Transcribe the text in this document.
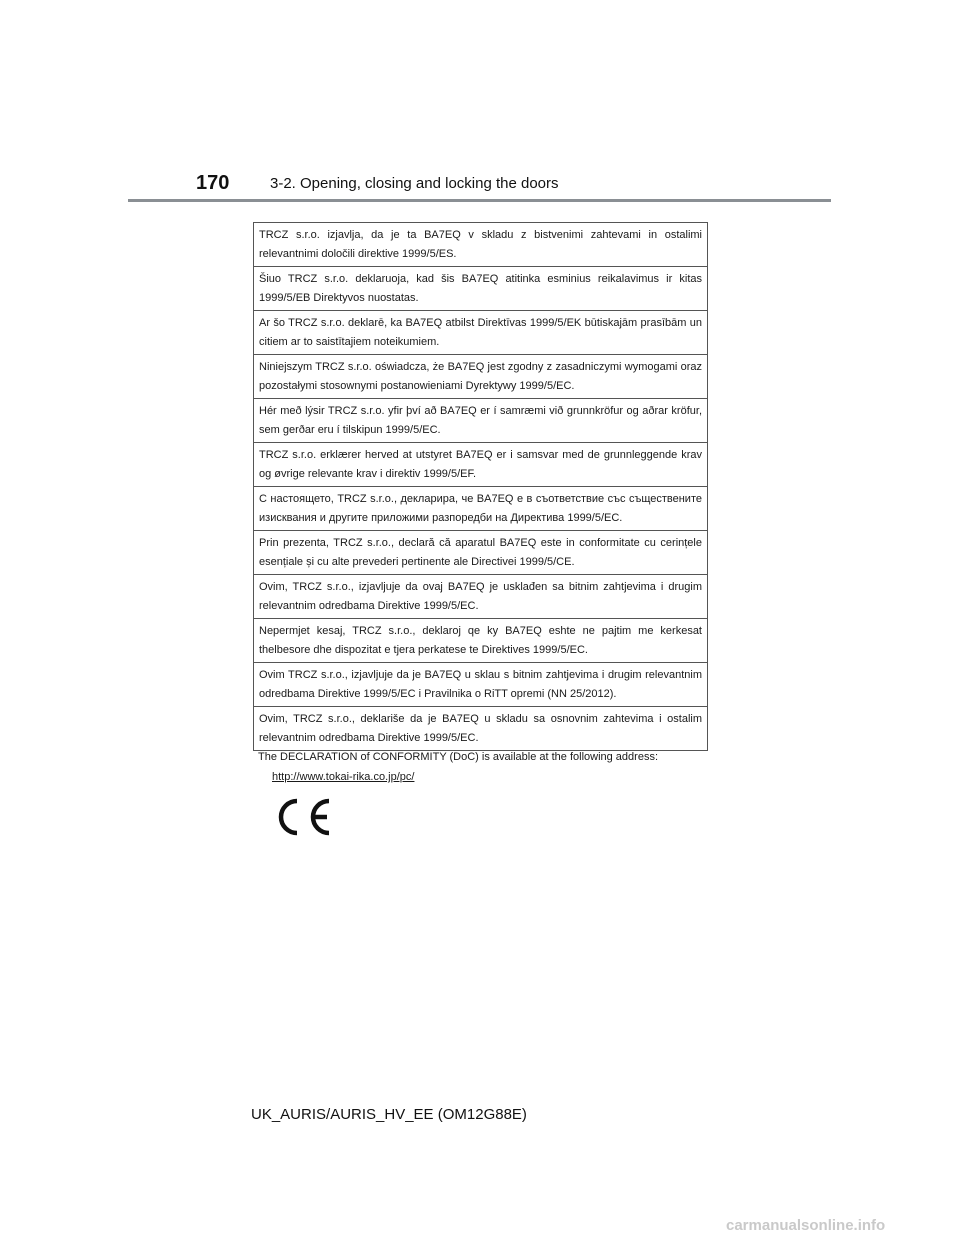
170	3-2. Opening, closing and locking the doors
TRCZ s.r.o. izjavlja, da je ta BA7EQ v skladu z bistvenimi zahtevami in ostalimi relevantnimi določili direktive 1999/5/ES.
Šiuo TRCZ s.r.o. deklaruoja, kad šis BA7EQ atitinka esminius reikalavimus ir kitas 1999/5/EB Direktyvos nuostatas.
Ar šo TRCZ s.r.o. deklarē, ka BA7EQ atbilst Direktīvas 1999/5/EK būtiskajām prasībām un citiem ar to saistītajiem noteikumiem.
Niniejszym TRCZ s.r.o. oświadcza, że BA7EQ jest zgodny z zasadniczymi wymogami oraz pozostałymi stosownymi postanowieniami Dyrektywy 1999/5/EC.
Hér með lýsir TRCZ s.r.o. yfir því að BA7EQ er í samræmi við grunnkröfur og aðrar kröfur, sem gerðar eru í tilskipun 1999/5/EC.
TRCZ s.r.o. erklærer herved at utstyret BA7EQ er i samsvar med de grunnleggende krav og øvrige relevante krav i direktiv 1999/5/EF.
С настоящето, TRCZ s.r.o., декларира, че BA7EQ е в съответствие със съществените изисквания и другите приложими разпоредби на Директива 1999/5/EC.
Prin prezenta, TRCZ s.r.o., declară că aparatul BA7EQ este in conformitate cu cerințele esențiale și cu alte prevederi pertinente ale Directivei 1999/5/CE.
Ovim, TRCZ s.r.o., izjavljuje da ovaj BA7EQ je usklađen sa bitnim zahtjevima i drugim relevantnim odredbama Direktive 1999/5/EC.
Nepermjet kesaj, TRCZ s.r.o., deklaroj qe ky BA7EQ eshte ne pajtim me kerkesat thelbesore dhe dispozitat e tjera perkatese te Direktives 1999/5/EC.
Ovim TRCZ s.r.o., izjavljuje da je BA7EQ u sklau s bitnim zahtjevima i drugim relevantnim odredbama Direktive 1999/5/EC i Pravilnika o RiTT opremi (NN 25/2012).
Ovim, TRCZ s.r.o., deklariše da je BA7EQ u skladu sa osnovnim zahtevima i ostalim relevantnim odredbama Direktive 1999/5/EC.
The DECLARATION of CONFORMITY (DoC) is available at the following address:
http://www.tokai-rika.co.jp/pc/
UK_AURIS/AURIS_HV_EE (OM12G88E)
carmanualsonline.info
